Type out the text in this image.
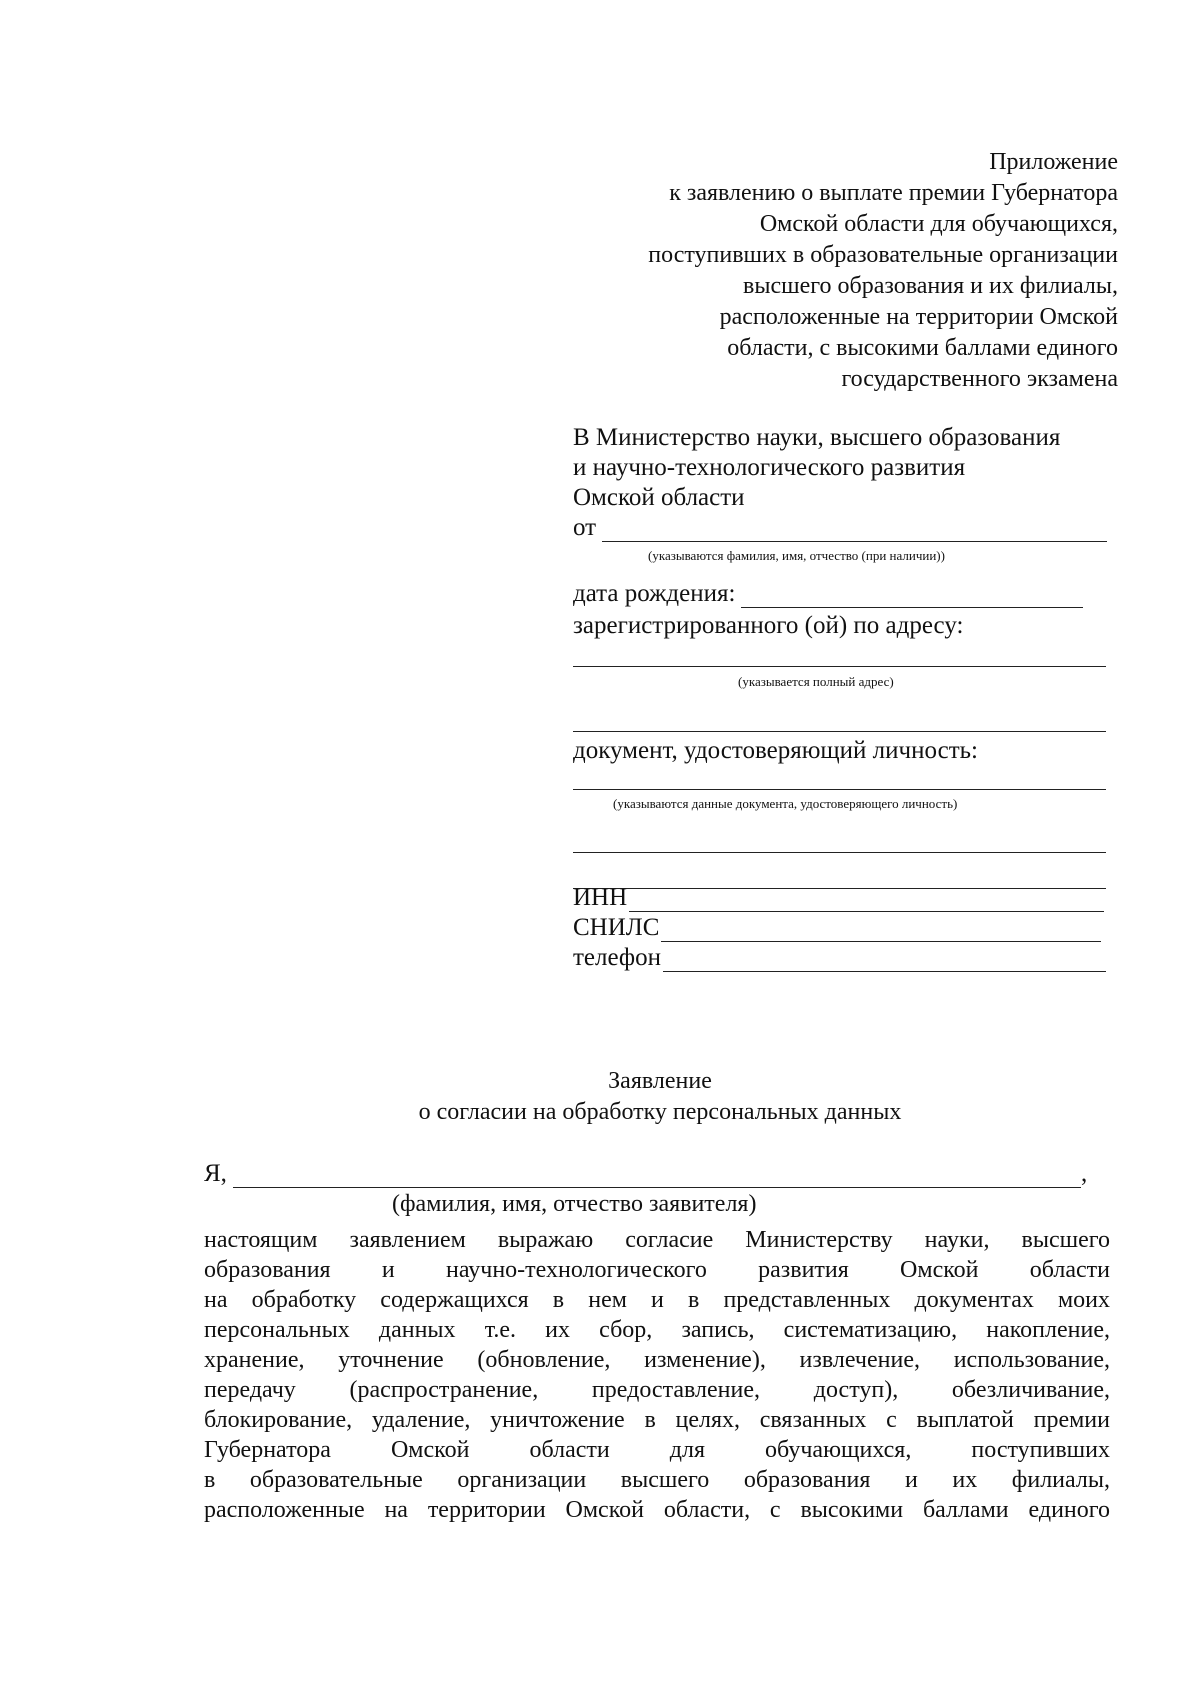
Приложение
к заявлению о выплате премии Губернатора
Омской области для обучающихся,
поступивших в образовательные организации
высшего образования и их филиалы,
расположенные на территории Омской
области, с высокими баллами единого
государственного экзамена
В Министерство науки, высшего образования
и научно-технологического развития
Омской области
от
(указываются фамилия, имя, отчество (при наличии))
дата рождения:
зарегистрированного (ой) по адресу:
(указывается полный адрес)
документ, удостоверяющий личность:
(указываются данные документа, удостоверяющего личность)
ИНН
СНИЛС
телефон
Заявление
о согласии на обработку персональных данных
Я,	,
(фамилия, имя, отчество заявителя)
настоящим заявлением выражаю согласие Министерству науки, высшего
образования и научно-технологического развития Омской области
на обработку содержащихся в нем и в представленных документах моих
персональных данных т.е. их сбор, запись, систематизацию, накопление,
хранение, уточнение (обновление, изменение), извлечение, использование,
передачу (распространение, предоставление, доступ), обезличивание,
блокирование, удаление, уничтожение в целях, связанных с выплатой премии
Губернатора Омской области для обучающихся, поступивших
в образовательные организации высшего образования и их филиалы,
расположенные на территории Омской области, с высокими баллами единого
